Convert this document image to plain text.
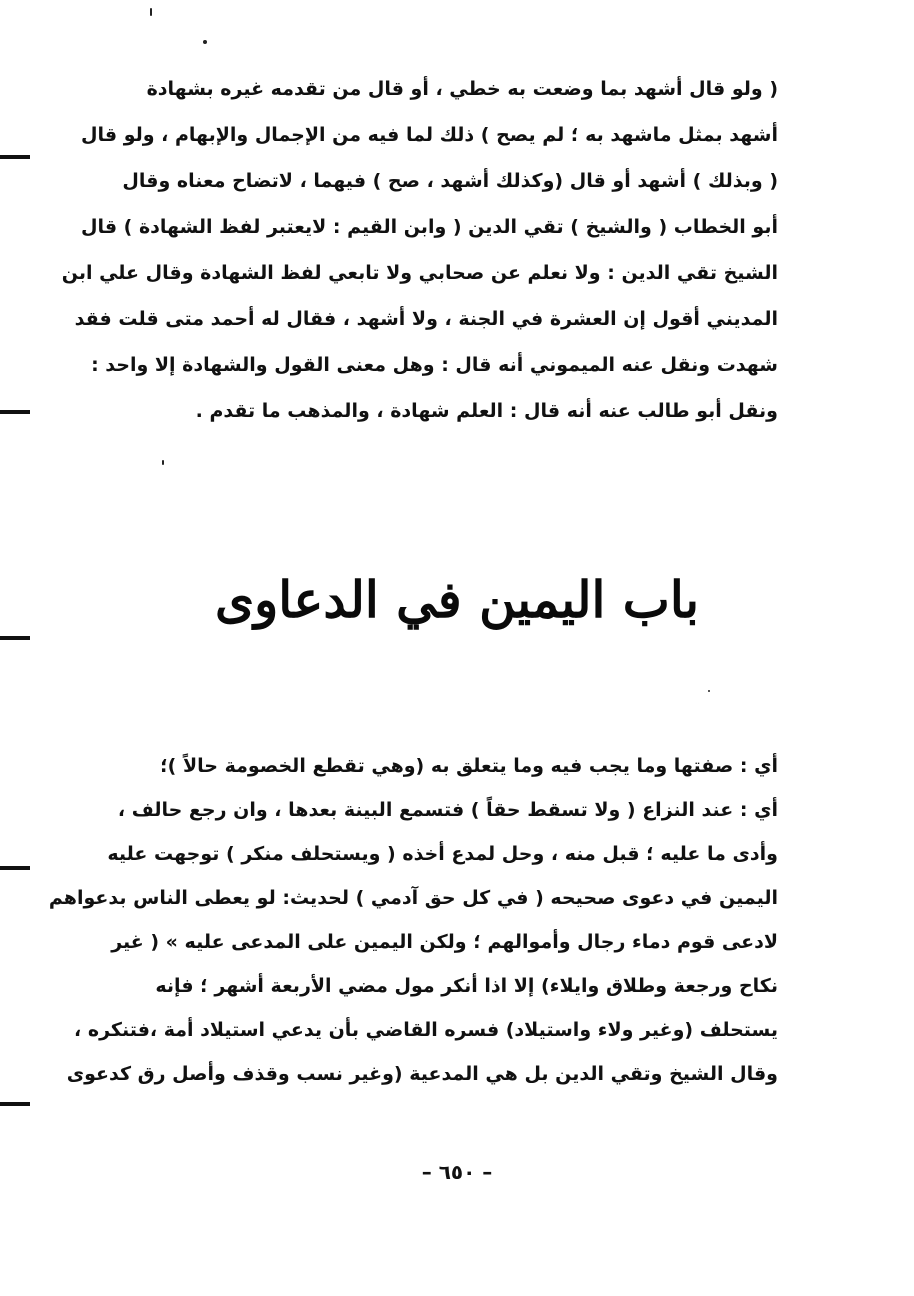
( ولو قال أشهد بما وضعت به خطي ، أو قال من تقدمه غيره بشهادة
أشهد بمثل ماشهد به ؛ لم يصح ) ذلك لما فيه من الإجمال والإبهام ، ولو قال
( وبذلك ) أشهد أو قال (وكذلك أشهد ، صح ) فيهما ، لاتضاح معناه وقال
أبو الخطاب ( والشيخ ) تقي الدين ( وابن القيم : لايعتبر لفظ الشهادة ) قال
الشيخ تقي الدين : ولا نعلم عن صحابي ولا تابعي لفظ الشهادة وقال علي ابن
المديني أقول إن العشرة في الجنة ، ولا أشهد ، فقال له أحمد متى قلت فقد
شهدت ونقل عنه الميموني أنه قال : وهل معنى القول والشهادة إلا واحد :
ونقل أبو طالب عنه أنه قال : العلم شهادة ، والمذهب ما تقدم .
باب اليمين في الدعاوى
أي : صفتها وما يجب فيه وما يتعلق به (وهي تقطع الخصومة حالاً )؛
أي : عند النزاع ( ولا تسقط حقاً ) فتسمع البينة بعدها ، وان رجع حالف ،
وأدى ما عليه ؛ قبل منه ، وحل لمدع أخذه ( ويستحلف منكر ) توجهت عليه
اليمين في دعوى صحيحه ( في كل حق آدمي ) لحديث: لو يعطى الناس بدعواهم
لادعى قوم دماء رجال وأموالهم ؛ ولكن اليمين على المدعى عليه » ( غير
نكاح ورجعة وطلاق وايلاء) إلا اذا أنكر مول مضي الأربعة أشهر ؛ فإنه
يستحلف (وغير ولاء واستيلاد) فسره القاضي بأن يدعي استيلاد أمة ،فتنكره ،
وقال الشيخ وتقي الدين بل هي المدعية (وغير نسب وقذف وأصل رق كدعوى
– ٦٥٠ –
